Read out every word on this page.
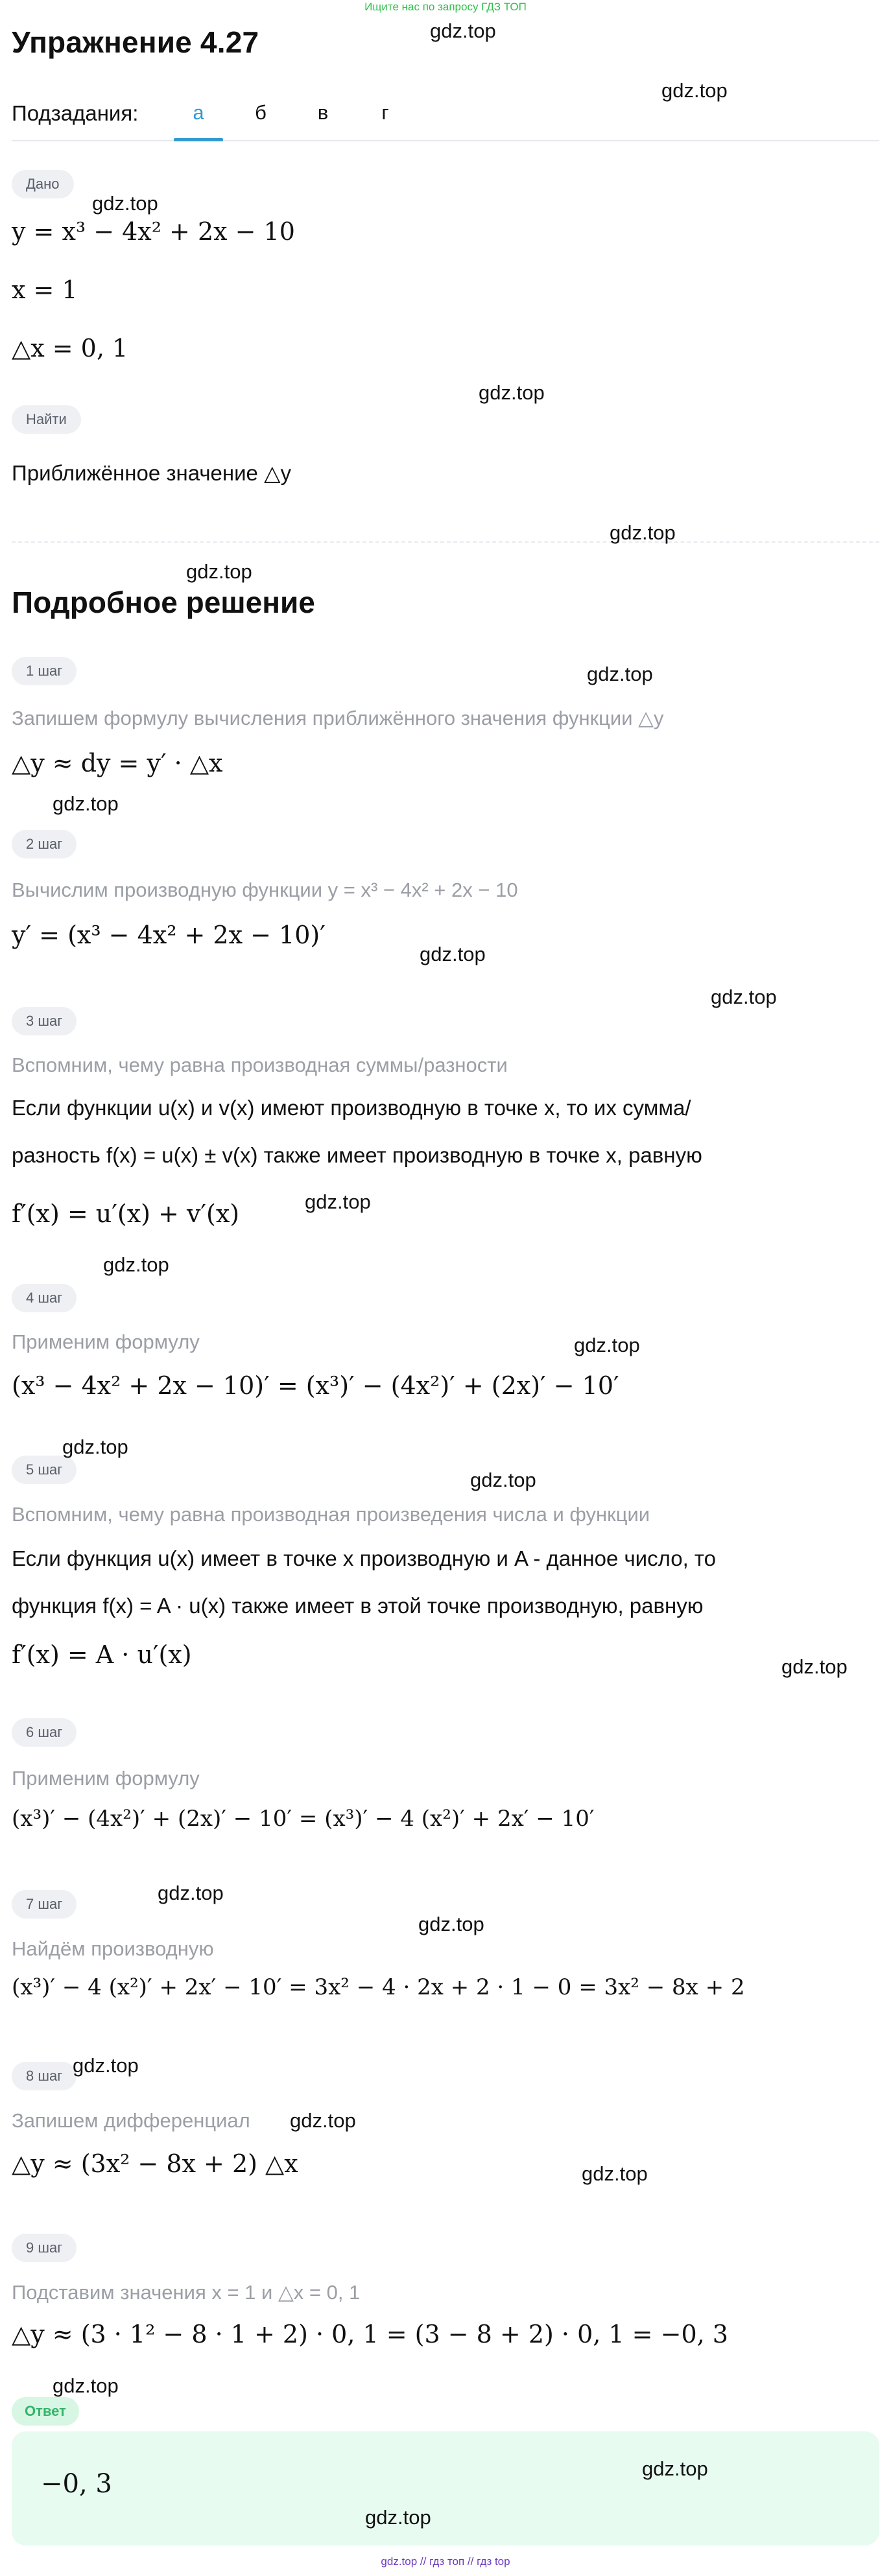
Ищите нас по запросу ГДЗ ТОП
Упражнение 4.27
Подзадания:	а	б	в	г
Дано
y = x³ − 4x² + 2x − 10
x = 1
△x = 0, 1
Найти
Приближённое значение △y
Подробное решение
1 шаг
Запишем формулу вычисления приближённого значения функции △y
△y ≈ dy = y′ · △x
2 шаг
Вычислим производную функции y = x³ − 4x² + 2x − 10
y′ = (x³ − 4x² + 2x − 10)′
3 шаг
Вспомним, чему равна производная суммы/разности
Если функции u(x) и v(x) имеют производную в точке x, то их сумма/
разность f(x) = u(x) ± v(x) также имеет производную в точке x, равную
f′(x) = u′(x) + v′(x)
4 шаг
Применим формулу
(x³ − 4x² + 2x − 10)′ = (x³)′ − (4x²)′ + (2x)′ − 10′
5 шаг
Вспомним, чему равна производная произведения числа и функции
Если функция u(x) имеет в точке x производную и A - данное число, то
функция f(x) = A · u(x) также имеет в этой точке производную, равную
f′(x) = A · u′(x)
6 шаг
Применим формулу
(x³)′ − (4x²)′ + (2x)′ − 10′ = (x³)′ − 4 (x²)′ + 2x′ − 10′
7 шаг
Найдём производную
(x³)′ − 4 (x²)′ + 2x′ − 10′ = 3x² − 4 · 2x + 2 · 1 − 0 = 3x² − 8x + 2
8 шаг
Запишем дифференциал
△y ≈ (3x² − 8x + 2) △x
9 шаг
Подставим значения x = 1 и △x = 0, 1
△y ≈ (3 · 1² − 8 · 1 + 2) · 0, 1 = (3 − 8 + 2) · 0, 1 = −0, 3
Ответ
−0, 3
gdz.top // гдз топ // гдз top
gdz.top
gdz.top
gdz.top
gdz.top
gdz.top
gdz.top
gdz.top
gdz.top
gdz.top
gdz.top
gdz.top
gdz.top
gdz.top
gdz.top
gdz.top
gdz.top
gdz.top
gdz.top
gdz.top
gdz.top
gdz.top
gdz.top
gdz.top
gdz.top
